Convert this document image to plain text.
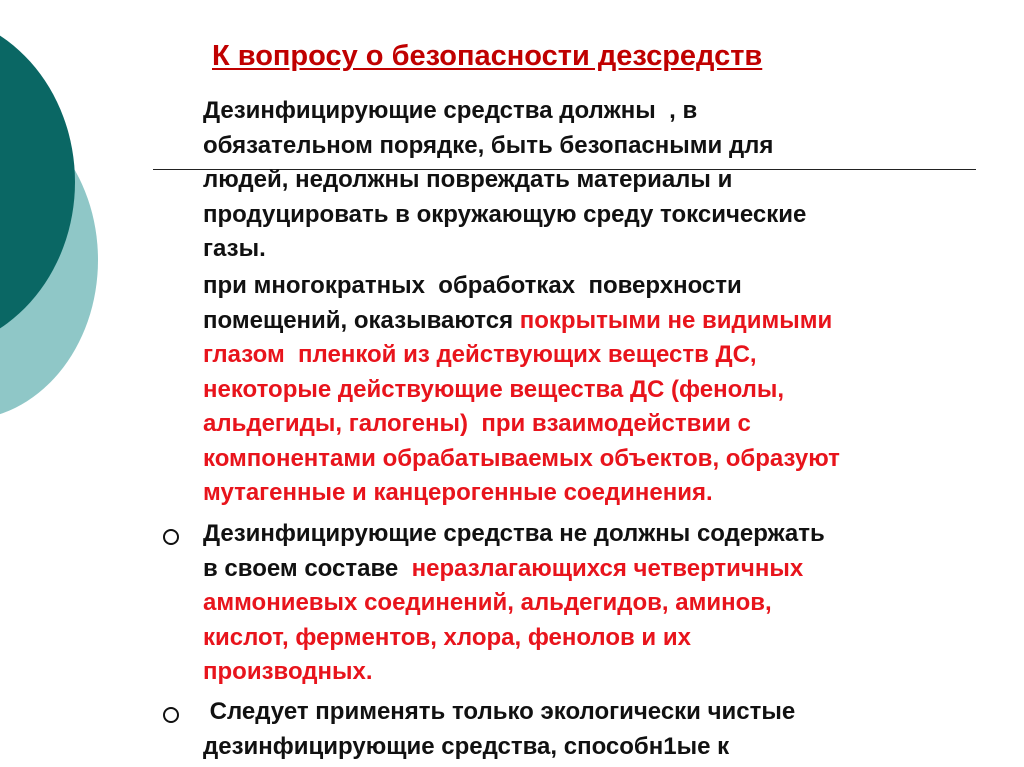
К вопросу о безопасности дезсредств
Дезинфицирующие средства должны  , в
обязательном порядке, быть безопасными для
людей, недолжны повреждать материалы и
продуцировать в окружающую среду токсические
газы.
при многократных  обработках  поверхности
помещений, оказываются покрытыми не видимыми
глазом  пленкой из действующих веществ ДС,
некоторые действующие вещества ДС (фенолы,
альдегиды, галогены)  при взаимодействии с
компонентами обрабатываемых объектов, образуют
мутагенные и канцерогенные соединения.
Дезинфицирующие средства не должны содержать
в своем составе  неразлагающихся четвертичных
аммониевых соединений, альдегидов, аминов,
кислот, ферментов, хлора, фенолов и их
производных.
Следует применять только экологически чистые
дезинфицирующие средства, способн1ые к
